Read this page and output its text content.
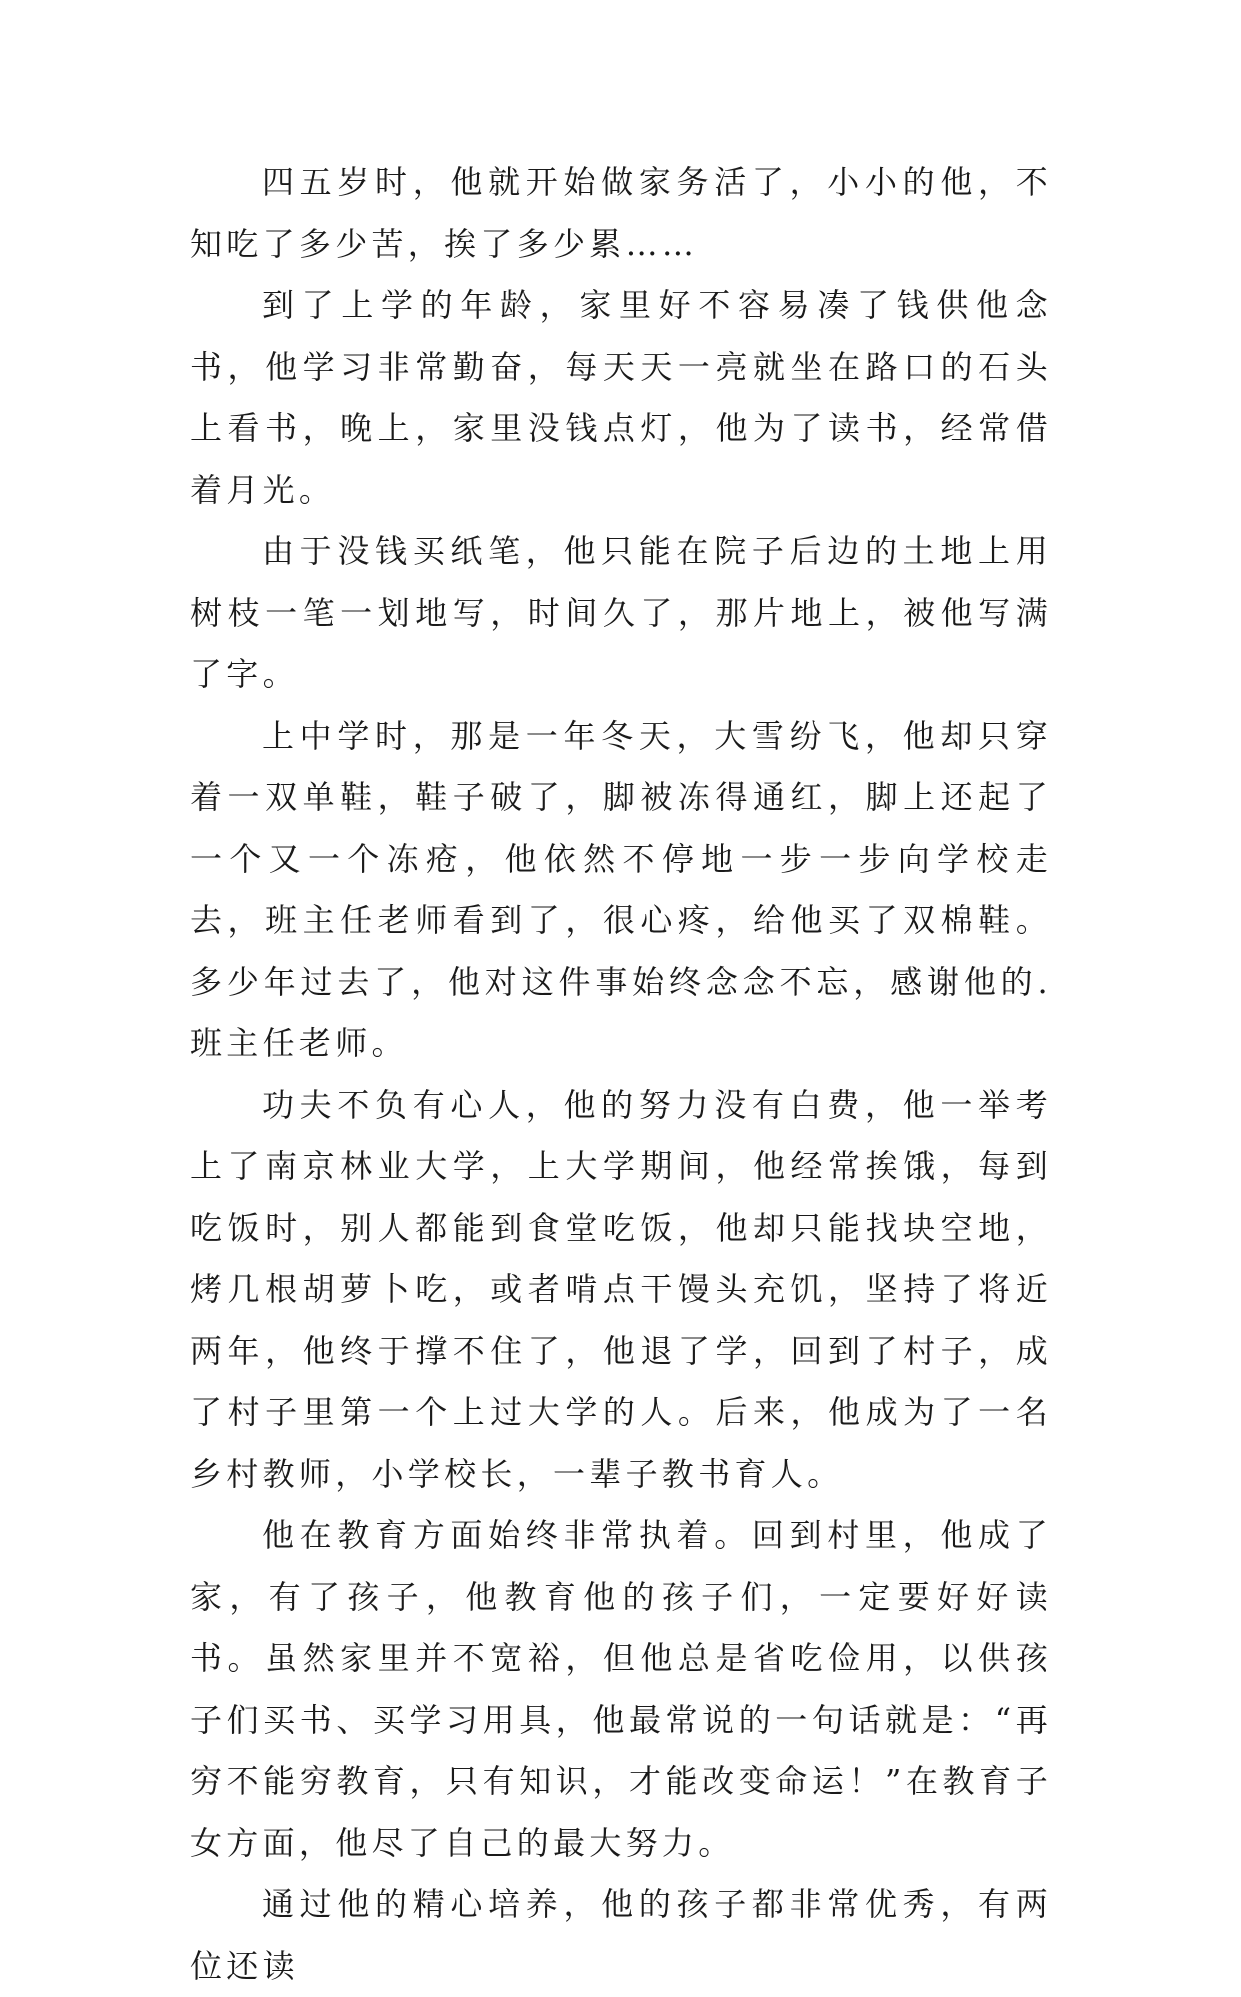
四五岁时，他就开始做家务活了，小小的他，不知吃了多少苦，挨了多少累……

到了上学的年龄，家里好不容易凑了钱供他念书，他学习非常勤奋，每天天一亮就坐在路口的石头上看书，晚上，家里没钱点灯，他为了读书，经常借着月光。

由于没钱买纸笔，他只能在院子后边的土地上用树枝一笔一划地写，时间久了，那片地上，被他写满了字。

上中学时，那是一年冬天，大雪纷飞，他却只穿着一双单鞋，鞋子破了，脚被冻得通红，脚上还起了一个又一个冻疮，他依然不停地一步一步向学校走去，班主任老师看到了，很心疼，给他买了双棉鞋。多少年过去了，他对这件事始终念念不忘，感谢他的.班主任老师。

功夫不负有心人，他的努力没有白费，他一举考上了南京林业大学，上大学期间，他经常挨饿，每到吃饭时，别人都能到食堂吃饭，他却只能找块空地，烤几根胡萝卜吃，或者啃点干馒头充饥，坚持了将近两年，他终于撑不住了，他退了学，回到了村子，成了村子里第一个上过大学的人。后来，他成为了一名乡村教师，小学校长，一辈子教书育人。

他在教育方面始终非常执着。回到村里，他成了家，有了孩子，他教育他的孩子们，一定要好好读书。虽然家里并不宽裕，但他总是省吃俭用，以供孩子们买书、买学习用具，他最常说的一句话就是：“再穷不能穷教育，只有知识，才能改变命运！”在教育子女方面，他尽了自己的最大努力。

通过他的精心培养，他的孩子都非常优秀，有两位还读
